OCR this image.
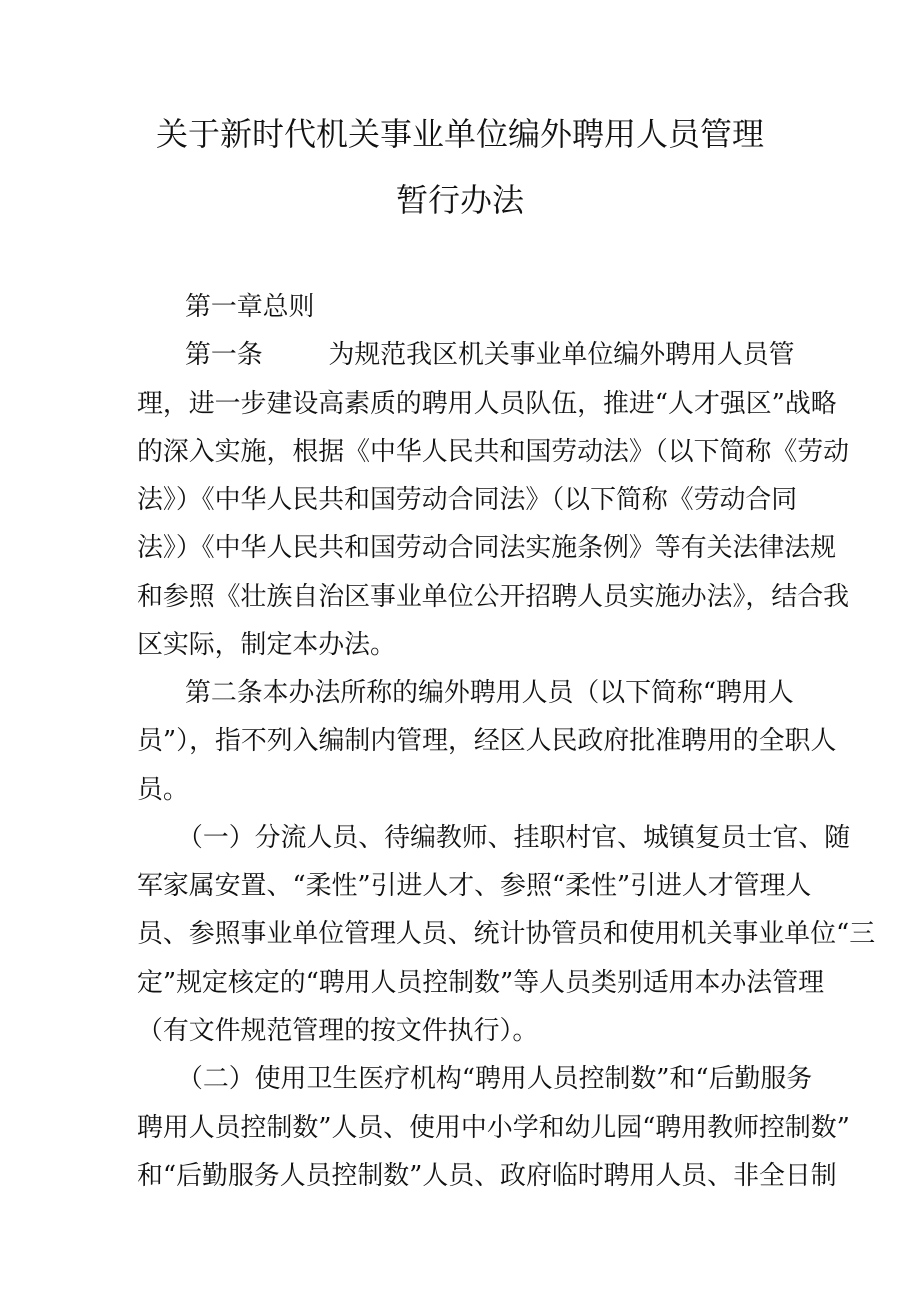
关于新时代机关事业单位编外聘用人员管理
暂行办法
第一章总则
第一条        为规范我区机关事业单位编外聘用人员管
理，进一步建设高素质的聘用人员队伍，推进“人才强区”战略
的深入实施，根据《中华人民共和国劳动法》（以下简称《劳动
法》）《中华人民共和国劳动合同法》（以下简称《劳动合同
法》）《中华人民共和国劳动合同法实施条例》等有关法律法规
和参照《壮族自治区事业单位公开招聘人员实施办法》，结合我
区实际，制定本办法。
第二条本办法所称的编外聘用人员（以下简称“聘用人
员”），指不列入编制内管理，经区人民政府批准聘用的全职人
员。
（一）分流人员、待编教师、挂职村官、城镇复员士官、随
军家属安置、“柔性”引进人才、参照“柔性”引进人才管理人
员、参照事业单位管理人员、统计协管员和使用机关事业单位“三
定”规定核定的“聘用人员控制数”等人员类别适用本办法管理
（有文件规范管理的按文件执行）。
（二）使用卫生医疗机构“聘用人员控制数”和“后勤服务
聘用人员控制数”人员、使用中小学和幼儿园“聘用教师控制数”
和“后勤服务人员控制数”人员、政府临时聘用人员、非全日制
